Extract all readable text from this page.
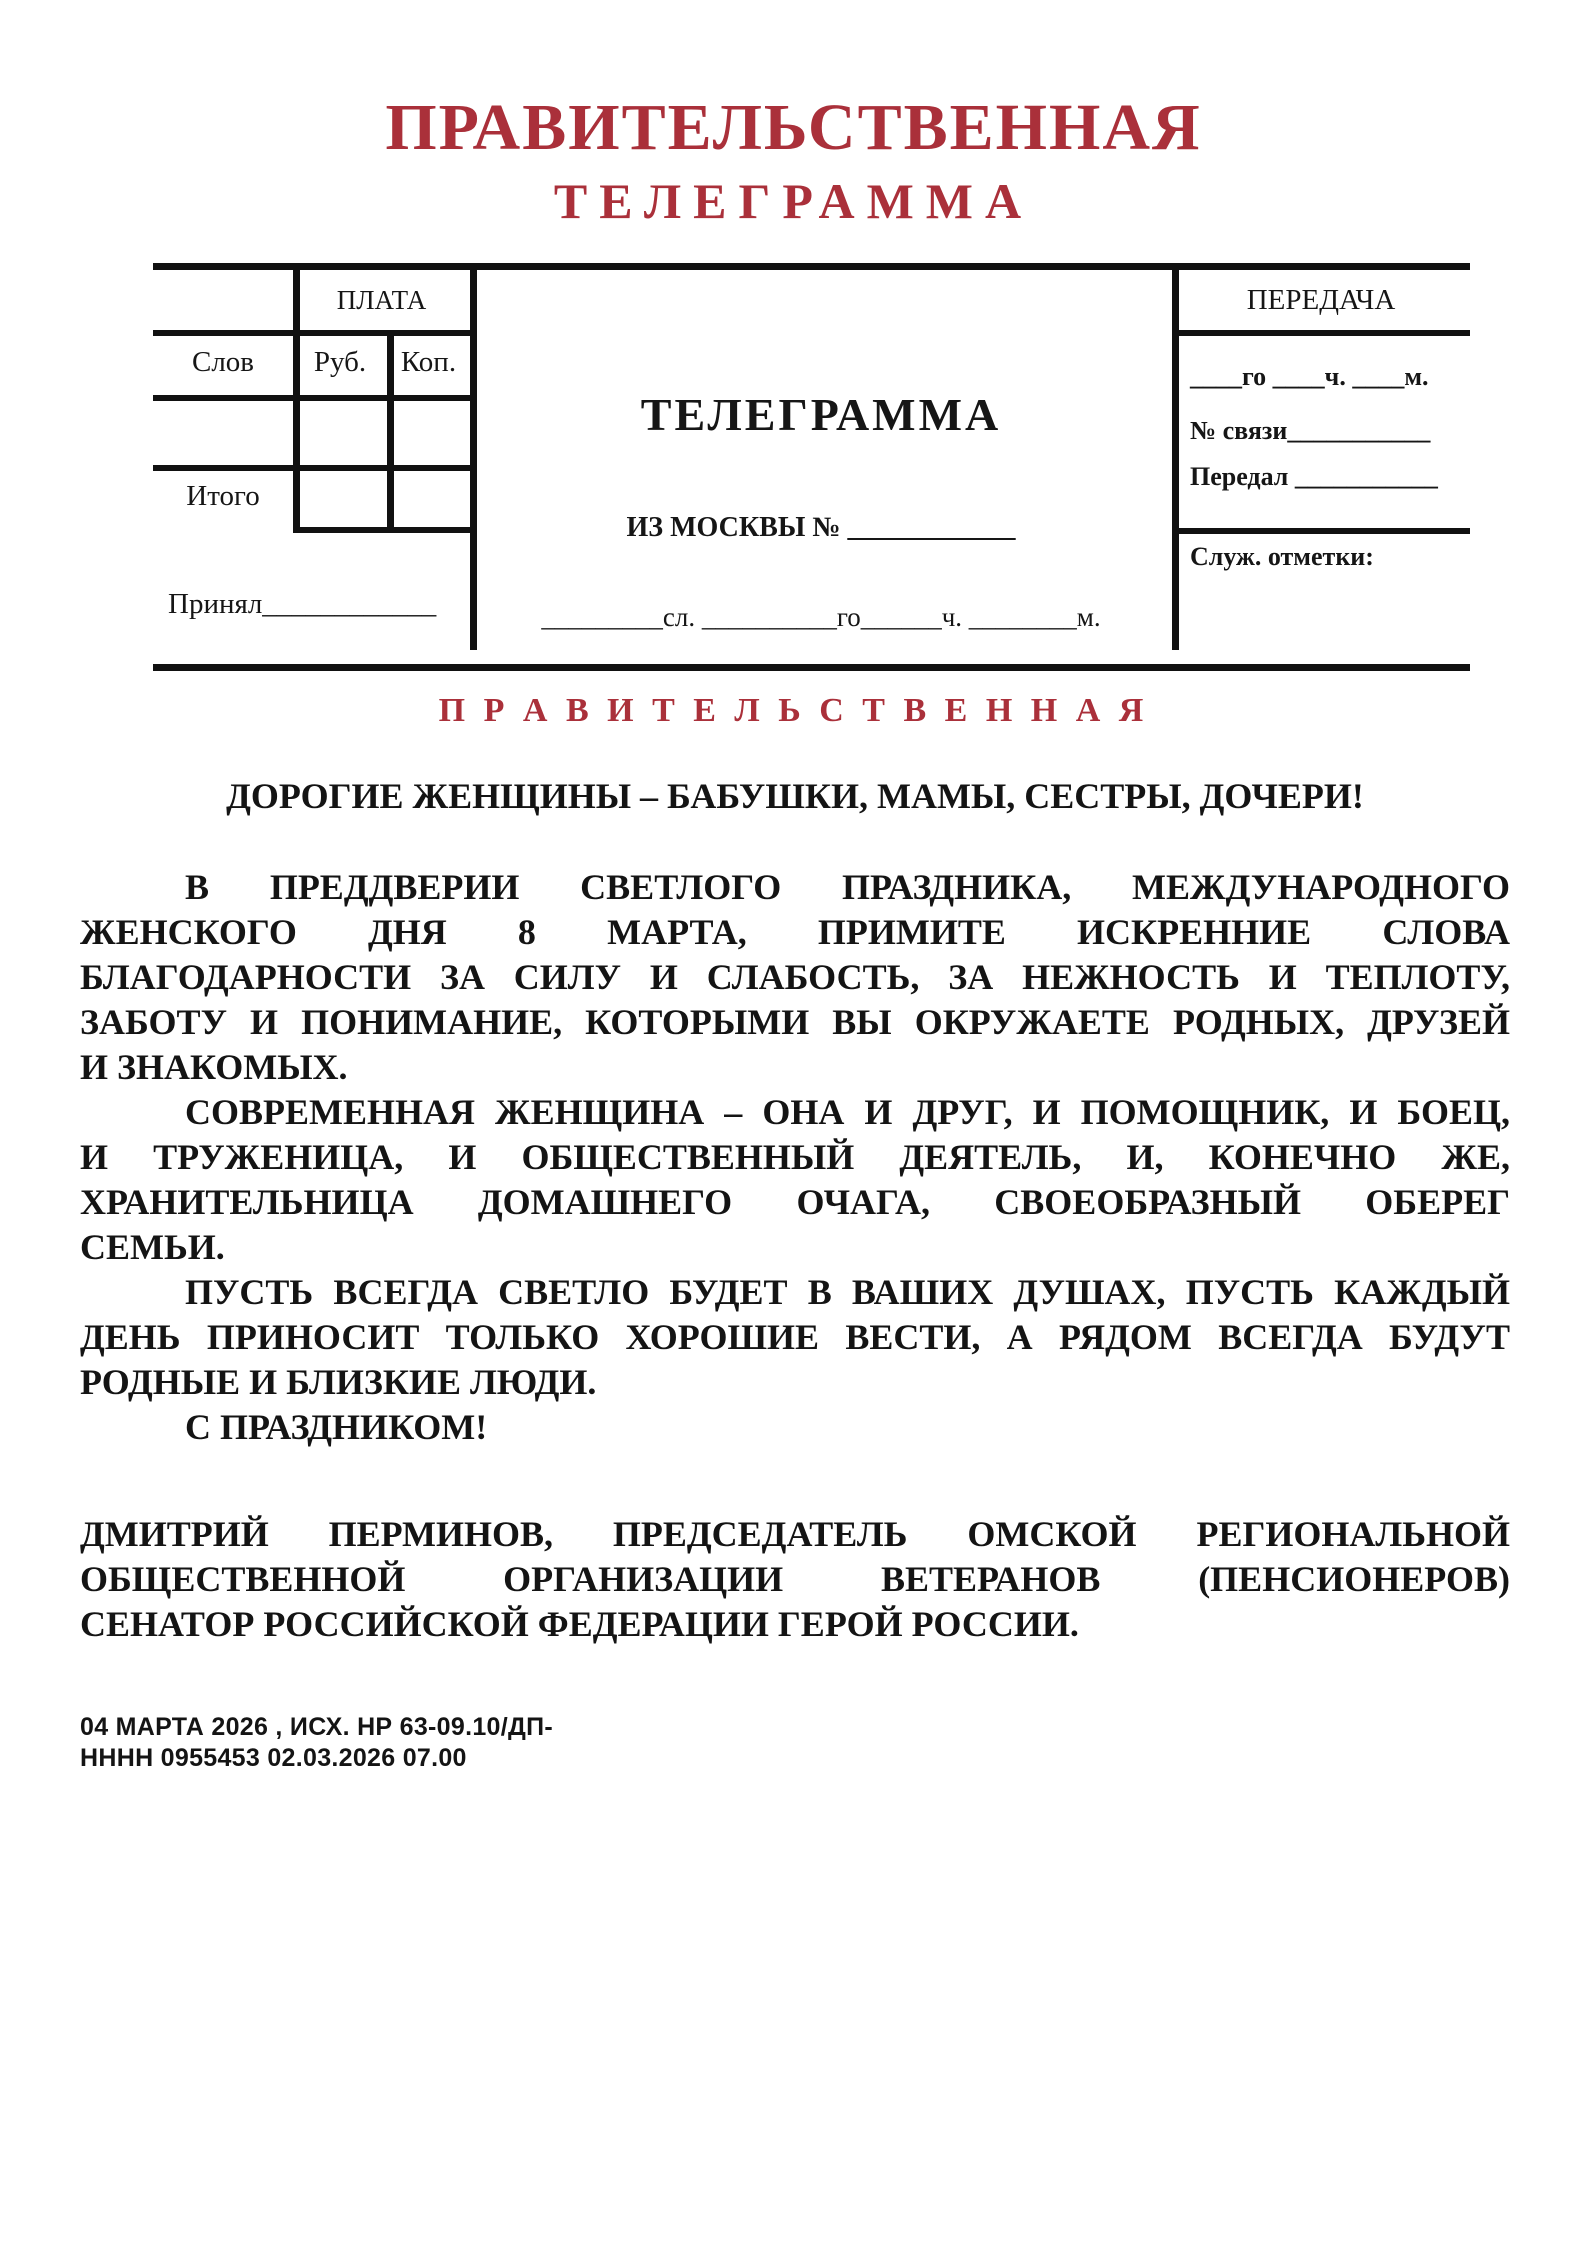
ПРАВИТЕЛЬСТВЕННАЯ
ТЕЛЕГРАММА
ПЛАТА
Слов	Руб.	Коп.
Итого
Принял____________
ТЕЛЕГРАММА
ИЗ МОСКВЫ № ____________
_________сл. __________го______ч. ________м.
ПЕРЕДАЧА
____го ____ч. ____м.
№ связи___________
Передал ___________
Служ. отметки:
П Р А В И Т Е Л Ь С Т В Е Н Н А Я
ДОРОГИЕ ЖЕНЩИНЫ – БАБУШКИ, МАМЫ, СЕСТРЫ, ДОЧЕРИ!
В ПРЕДДВЕРИИ СВЕТЛОГО ПРАЗДНИКА, МЕЖДУНАРОДНОГО
ЖЕНСКОГО ДНЯ 8 МАРТА, ПРИМИТЕ ИСКРЕННИЕ СЛОВА
БЛАГОДАРНОСТИ ЗА СИЛУ И СЛАБОСТЬ, ЗА НЕЖНОСТЬ И ТЕПЛОТУ,
ЗАБОТУ И ПОНИМАНИЕ, КОТОРЫМИ ВЫ ОКРУЖАЕТЕ РОДНЫХ, ДРУЗЕЙ
И ЗНАКОМЫХ.
СОВРЕМЕННАЯ ЖЕНЩИНА – ОНА И ДРУГ, И ПОМОЩНИК, И БОЕЦ,
И ТРУЖЕНИЦА, И ОБЩЕСТВЕННЫЙ ДЕЯТЕЛЬ, И, КОНЕЧНО ЖЕ,
ХРАНИТЕЛЬНИЦА ДОМАШНЕГО ОЧАГА, СВОЕОБРАЗНЫЙ ОБЕРЕГ
СЕМЬИ.
ПУСТЬ ВСЕГДА СВЕТЛО БУДЕТ В ВАШИХ ДУШАХ, ПУСТЬ КАЖДЫЙ
ДЕНЬ ПРИНОСИТ ТОЛЬКО ХОРОШИЕ ВЕСТИ, А РЯДОМ ВСЕГДА БУДУТ
РОДНЫЕ И БЛИЗКИЕ ЛЮДИ.
С ПРАЗДНИКОМ!
ДМИТРИЙ ПЕРМИНОВ, ПРЕДСЕДАТЕЛЬ ОМСКОЙ РЕГИОНАЛЬНОЙ
ОБЩЕСТВЕННОЙ ОРГАНИЗАЦИИ ВЕТЕРАНОВ (ПЕНСИОНЕРОВ)
СЕНАТОР РОССИЙСКОЙ ФЕДЕРАЦИИ ГЕРОЙ РОССИИ.
04 МАРТА 2026 , ИСХ. НР 63-09.10/ДП-
НННН 0955453 02.03.2026 07.00
